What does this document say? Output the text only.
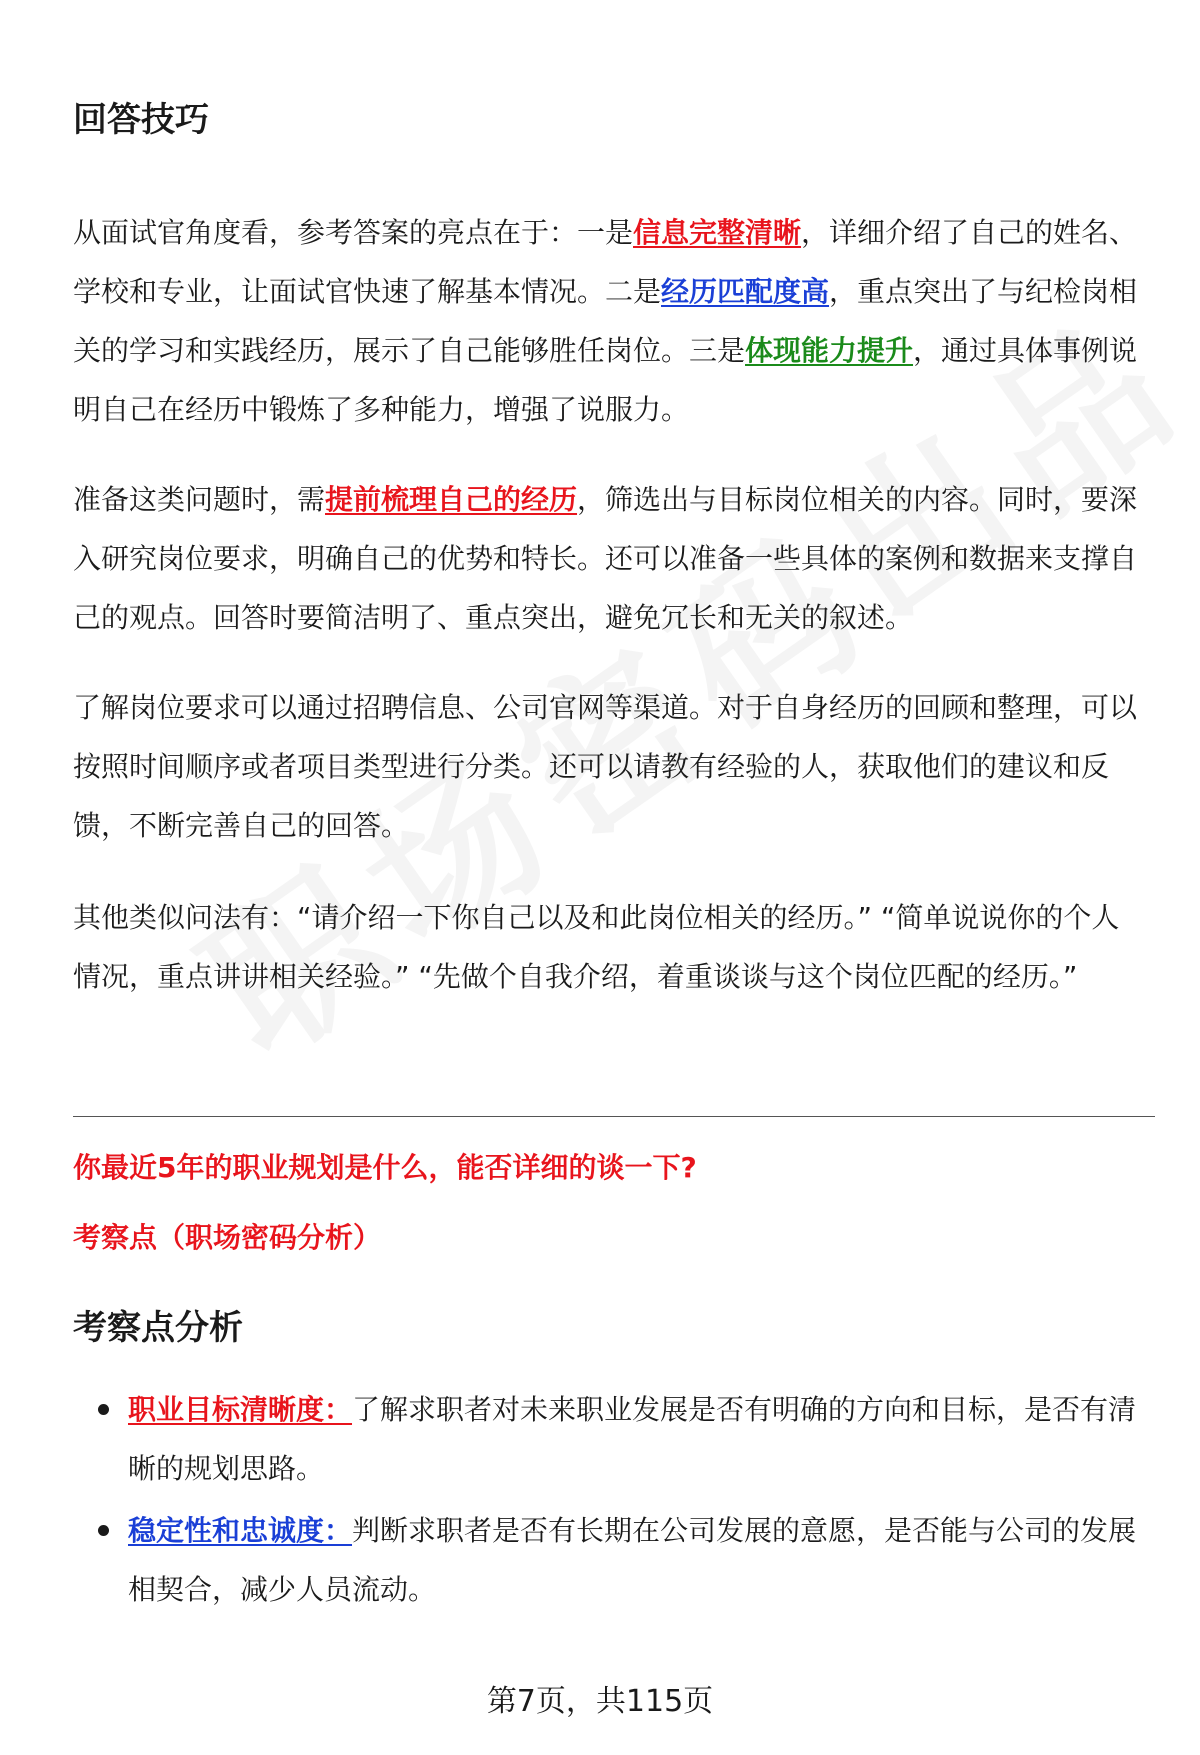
回答技巧

从面试官角度看，参考答案的亮点在于：一是信息完整清晰，详细介绍了自己的姓名、学校和专业，让面试官快速了解基本情况。二是经历匹配度高，重点突出了与纪检岗相关的学习和实践经历，展示了自己能够胜任岗位。三是体现能力提升，通过具体事例说明自己在经历中锻炼了多种能力，增强了说服力。

准备这类问题时，需提前梳理自己的经历，筛选出与目标岗位相关的内容。同时，要深入研究岗位要求，明确自己的优势和特长。还可以准备一些具体的案例和数据来支撑自己的观点。回答时要简洁明了、重点突出，避免冗长和无关的叙述。

了解岗位要求可以通过招聘信息、公司官网等渠道。对于自身经历的回顾和整理，可以按照时间顺序或者项目类型进行分类。还可以请教有经验的人，获取他们的建议和反馈，不断完善自己的回答。

其他类似问法有：“请介绍一下你自己以及和此岗位相关的经历。” “简单说说你的个人情况，重点讲讲相关经验。” “先做个自我介绍，着重谈谈与这个岗位匹配的经历。”

你最近5年的职业规划是什么，能否详细的谈一下?

考察点（职场密码分析）

考察点分析
职业目标清晰度：了解求职者对未来职业发展是否有明确的方向和目标，是否有清晰的规划思路。
稳定性和忠诚度：判断求职者是否有长期在公司发展的意愿，是否能与公司的发展相契合，减少人员流动。

第7页，共115页
